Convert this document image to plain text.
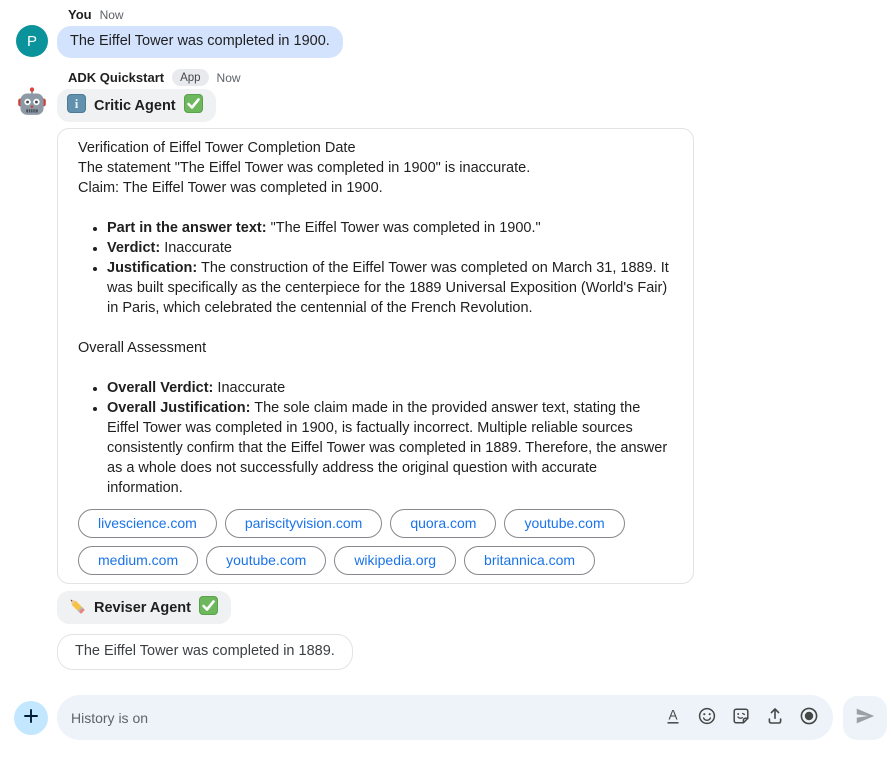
P
You Now
The Eiffel Tower was completed in 1900.
ADK Quickstart	App	Now
i Critic Agent

Verification of Eiffel Tower Completion Date

The statement "The Eiffel Tower was completed in 1900" is inaccurate.

Claim: The Eiffel Tower was completed in 1900.

• Part in the answer text: "The Eiffel Tower was completed in 1900."
• Verdict: Inaccurate
• Justification: The construction of the Eiffel Tower was completed on March 31, 1889. It was built specifically as the centerpiece for the 1889 Universal Exposition (World's Fair) in Paris, which celebrated the centennial of the French Revolution.

Overall Assessment

• Overall Verdict: Inaccurate
• Overall Justification: The sole claim made in the provided answer text, stating the Eiffel Tower was completed in 1900, is factually incorrect. Multiple reliable sources consistently confirm that the Eiffel Tower was completed in 1889. Therefore, the answer as a whole does not successfully address the original question with accurate information.
livescience.com	pariscityvision.com	quora.com	youtube.com
medium.com	youtube.com	wikipedia.org	britannica.com
Reviser Agent
The Eiffel Tower was completed in 1889.
History is on
A
